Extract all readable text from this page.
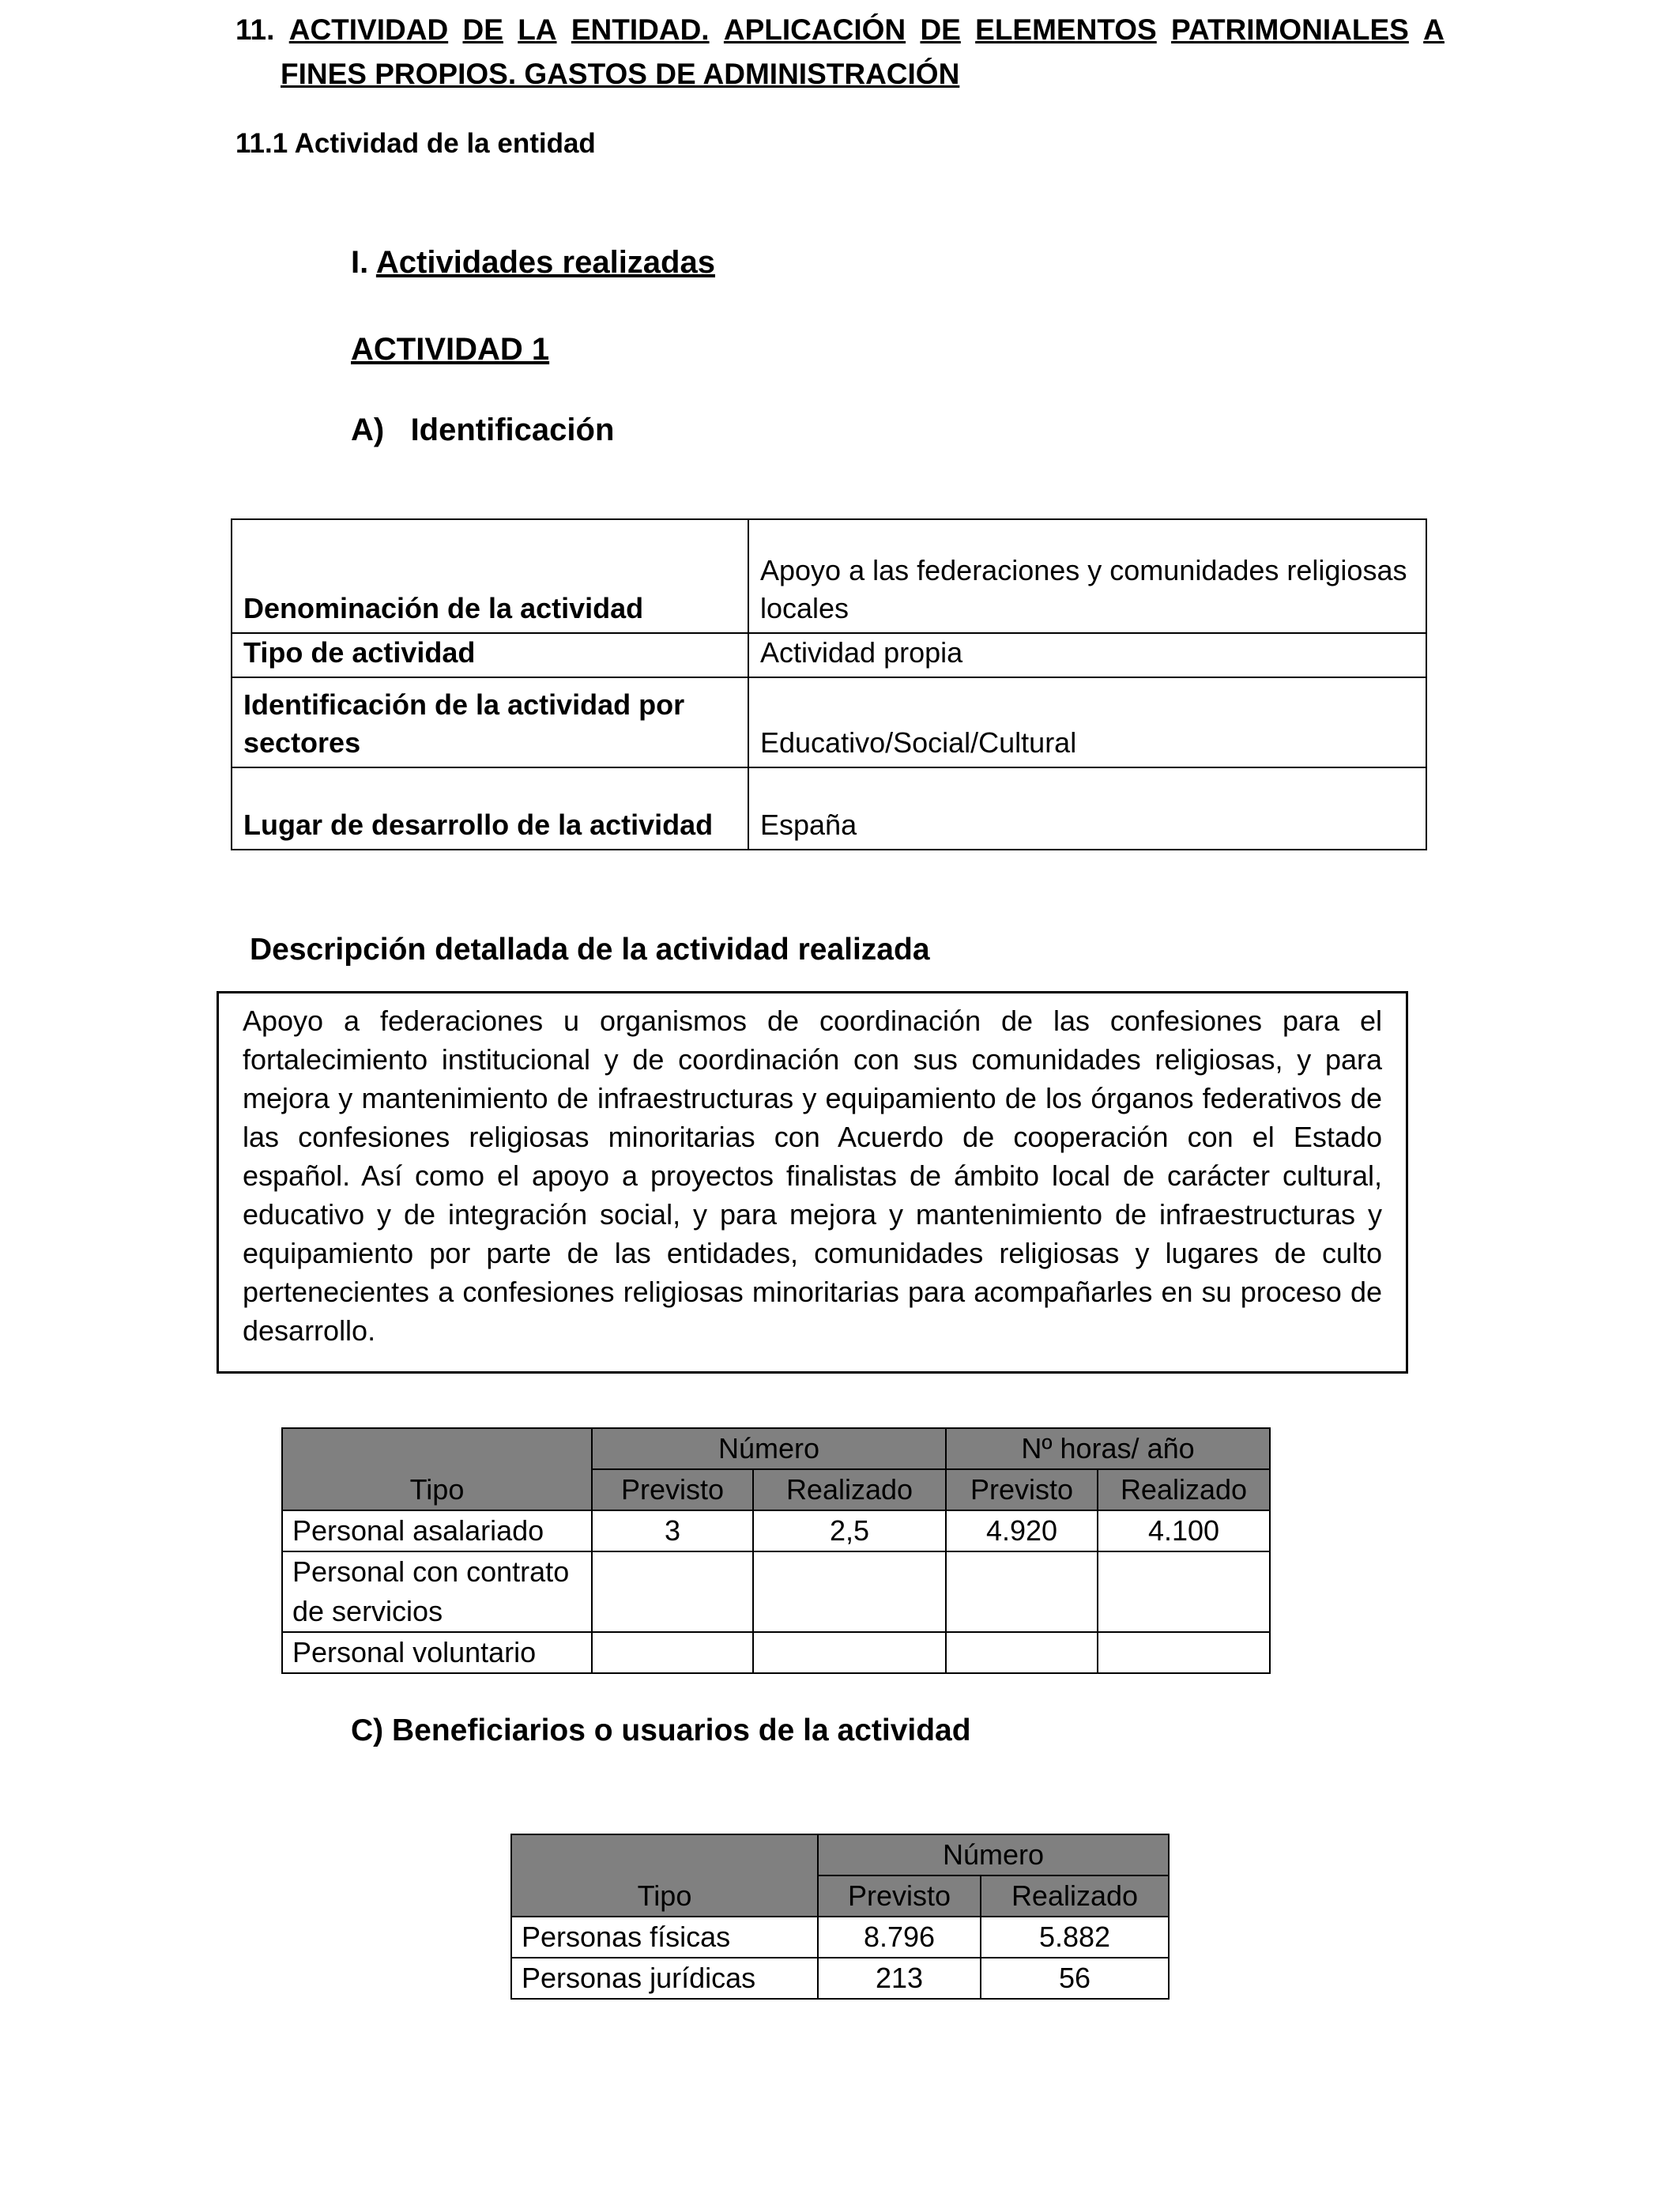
11. ACTIVIDAD DE LA ENTIDAD. APLICACIÓN DE ELEMENTOS PATRIMONIALES A
FINES PROPIOS. GASTOS DE ADMINISTRACIÓN
11.1 Actividad de la entidad
I. Actividades realizadas
ACTIVIDAD 1
A) Identificación
Denominación de la actividad	Apoyo a las federaciones y comunidades religiosas locales
Tipo de actividad	Actividad propia
Identificación de la actividad por sectores	Educativo/Social/Cultural
Lugar de desarrollo de la actividad	España
Descripción detallada de la actividad realizada
Apoyo a federaciones u organismos de coordinación de las confesiones para el fortalecimiento institucional y de coordinación con sus comunidades religiosas, y para mejora y mantenimiento de infraestructuras y equipamiento de los órganos federativos de las confesiones religiosas minoritarias con Acuerdo de cooperación con el Estado español. Así como el apoyo a proyectos finalistas de ámbito local de carácter cultural, educativo y de integración social, y para mejora y mantenimiento de infraestructuras y equipamiento por parte de las entidades, comunidades religiosas y lugares de culto pertenecientes a confesiones religiosas minoritarias para acompañarles en su proceso de desarrollo.
Tipo	Número		Nº horas/ año	
	Previsto	Realizado	Previsto	Realizado
Personal asalariado	3	2,5	4.920	4.100
Personal con contrato de servicios				
Personal voluntario				
C) Beneficiarios o usuarios de la actividad
Tipo	Número	
	Previsto	Realizado
Personas físicas	8.796	5.882
Personas jurídicas	213	56
